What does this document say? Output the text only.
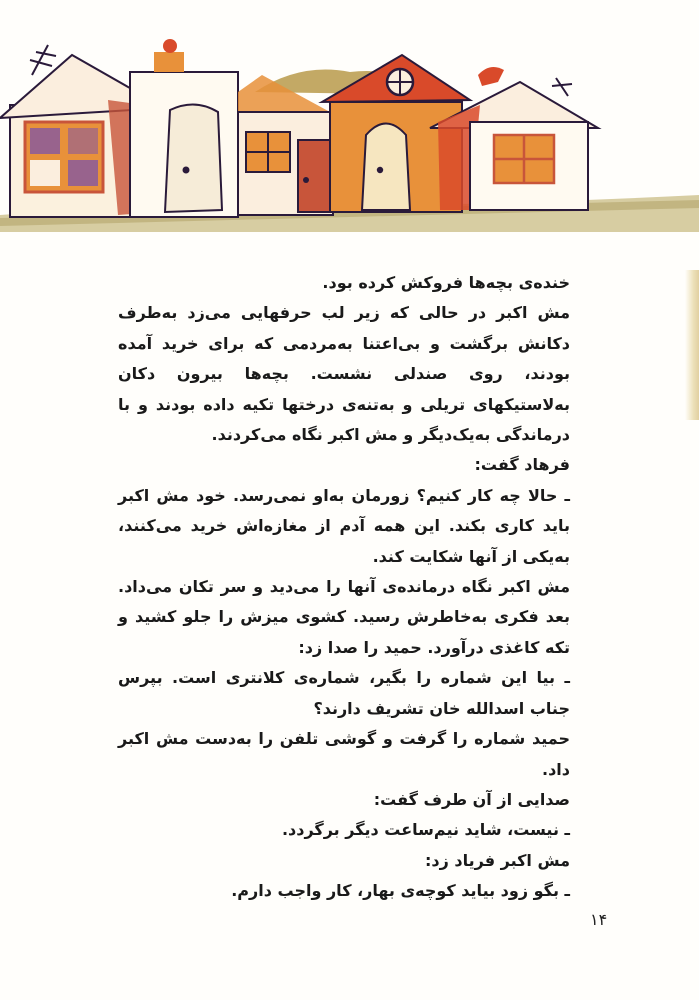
خنده‌ی بچه‌ها فروکش کرده بود.

مش اکبر در حالی که زیر لب حرفهایی می‌زد به‌طرف دکانش برگشت و بی‌اعتنا به‌مردمی که برای خرید آمده بودند، روی صندلی نشست. بچه‌ها بیرون دکان به‌لاستیکهای تریلی و به‌تنه‌ی درختها تکیه داده بودند و با درماندگی به‌یک‌دیگر و مش اکبر نگاه می‌کردند.

فرهاد گفت:

ـ حالا چه کار کنیم؟ زورمان به‌او نمی‌رسد. خود مش اکبر باید کاری بکند. این همه آدم از مغازه‌اش خرید می‌کنند، به‌یکی از آنها شکایت کند.

مش اکبر نگاه درمانده‌ی آنها را می‌دید و سر تکان می‌داد. بعد فکری به‌خاطرش رسید. کشوی میزش را جلو کشید و تکه کاغذی درآورد. حمید را صدا زد:

ـ بیا این شماره را بگیر، شماره‌ی کلانتری است. بپرس جناب اسدالله خان تشریف دارند؟

حمید شماره را گرفت و گوشی تلفن را به‌دست مش اکبر داد.

صدایی از آن طرف گفت:

ـ نیست، شاید نیم‌ساعت دیگر برگردد.

مش اکبر فریاد زد:

ـ بگو زود بیاید کوچه‌ی بهار، کار واجب دارم.

۱۴
